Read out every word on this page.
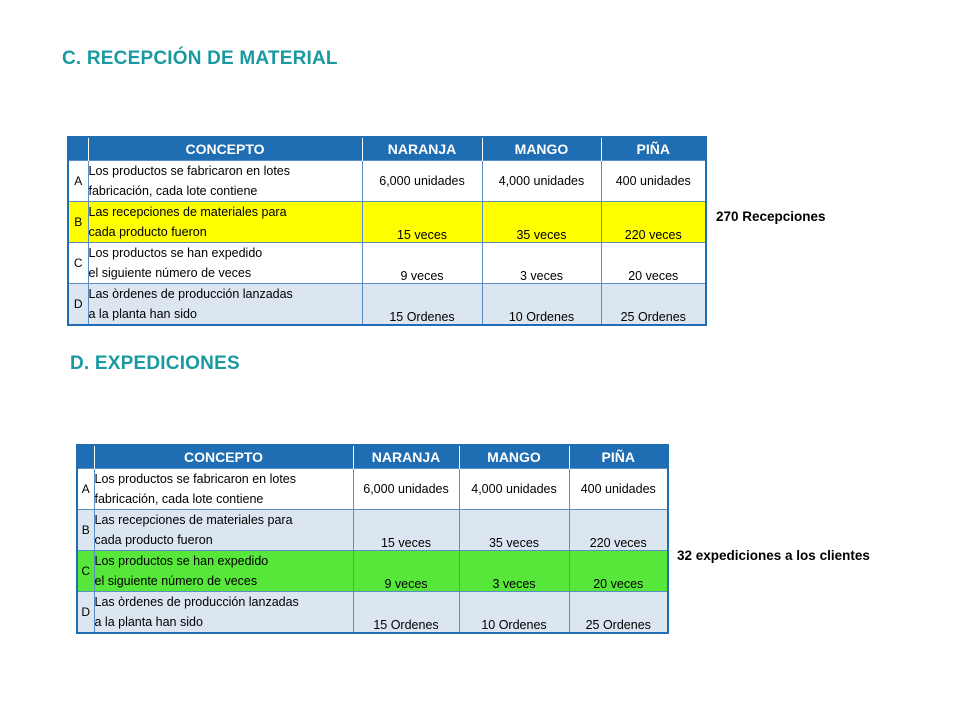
C. RECEPCIÓN DE MATERIAL
	CONCEPTO	NARANJA	MANGO	PIÑA
A	Los productos se fabricaron en lotes
fabricación, cada lote contiene	6,000 unidades	4,000 unidades	400 unidades
B	Las recepciones de materiales para
cada producto fueron	15 veces	35 veces	220 veces
C	Los productos se han expedido
el siguiente número de veces	9 veces	3 veces	20 veces
D	Las òrdenes de producción lanzadas
a la planta han sido	15 Ordenes	10 Ordenes	25 Ordenes

270 Recepciones

D. EXPEDICIONES
	CONCEPTO	NARANJA	MANGO	PIÑA
A	Los productos se fabricaron en lotes
fabricación, cada lote contiene	6,000 unidades	4,000 unidades	400 unidades
B	Las recepciones de materiales para
cada producto fueron	15 veces	35 veces	220 veces
C	Los productos se han expedido
el siguiente número de veces	9 veces	3 veces	20 veces
D	Las òrdenes de producción lanzadas
a la planta han sido	15 Ordenes	10 Ordenes	25 Ordenes

32 expediciones a los clientes
